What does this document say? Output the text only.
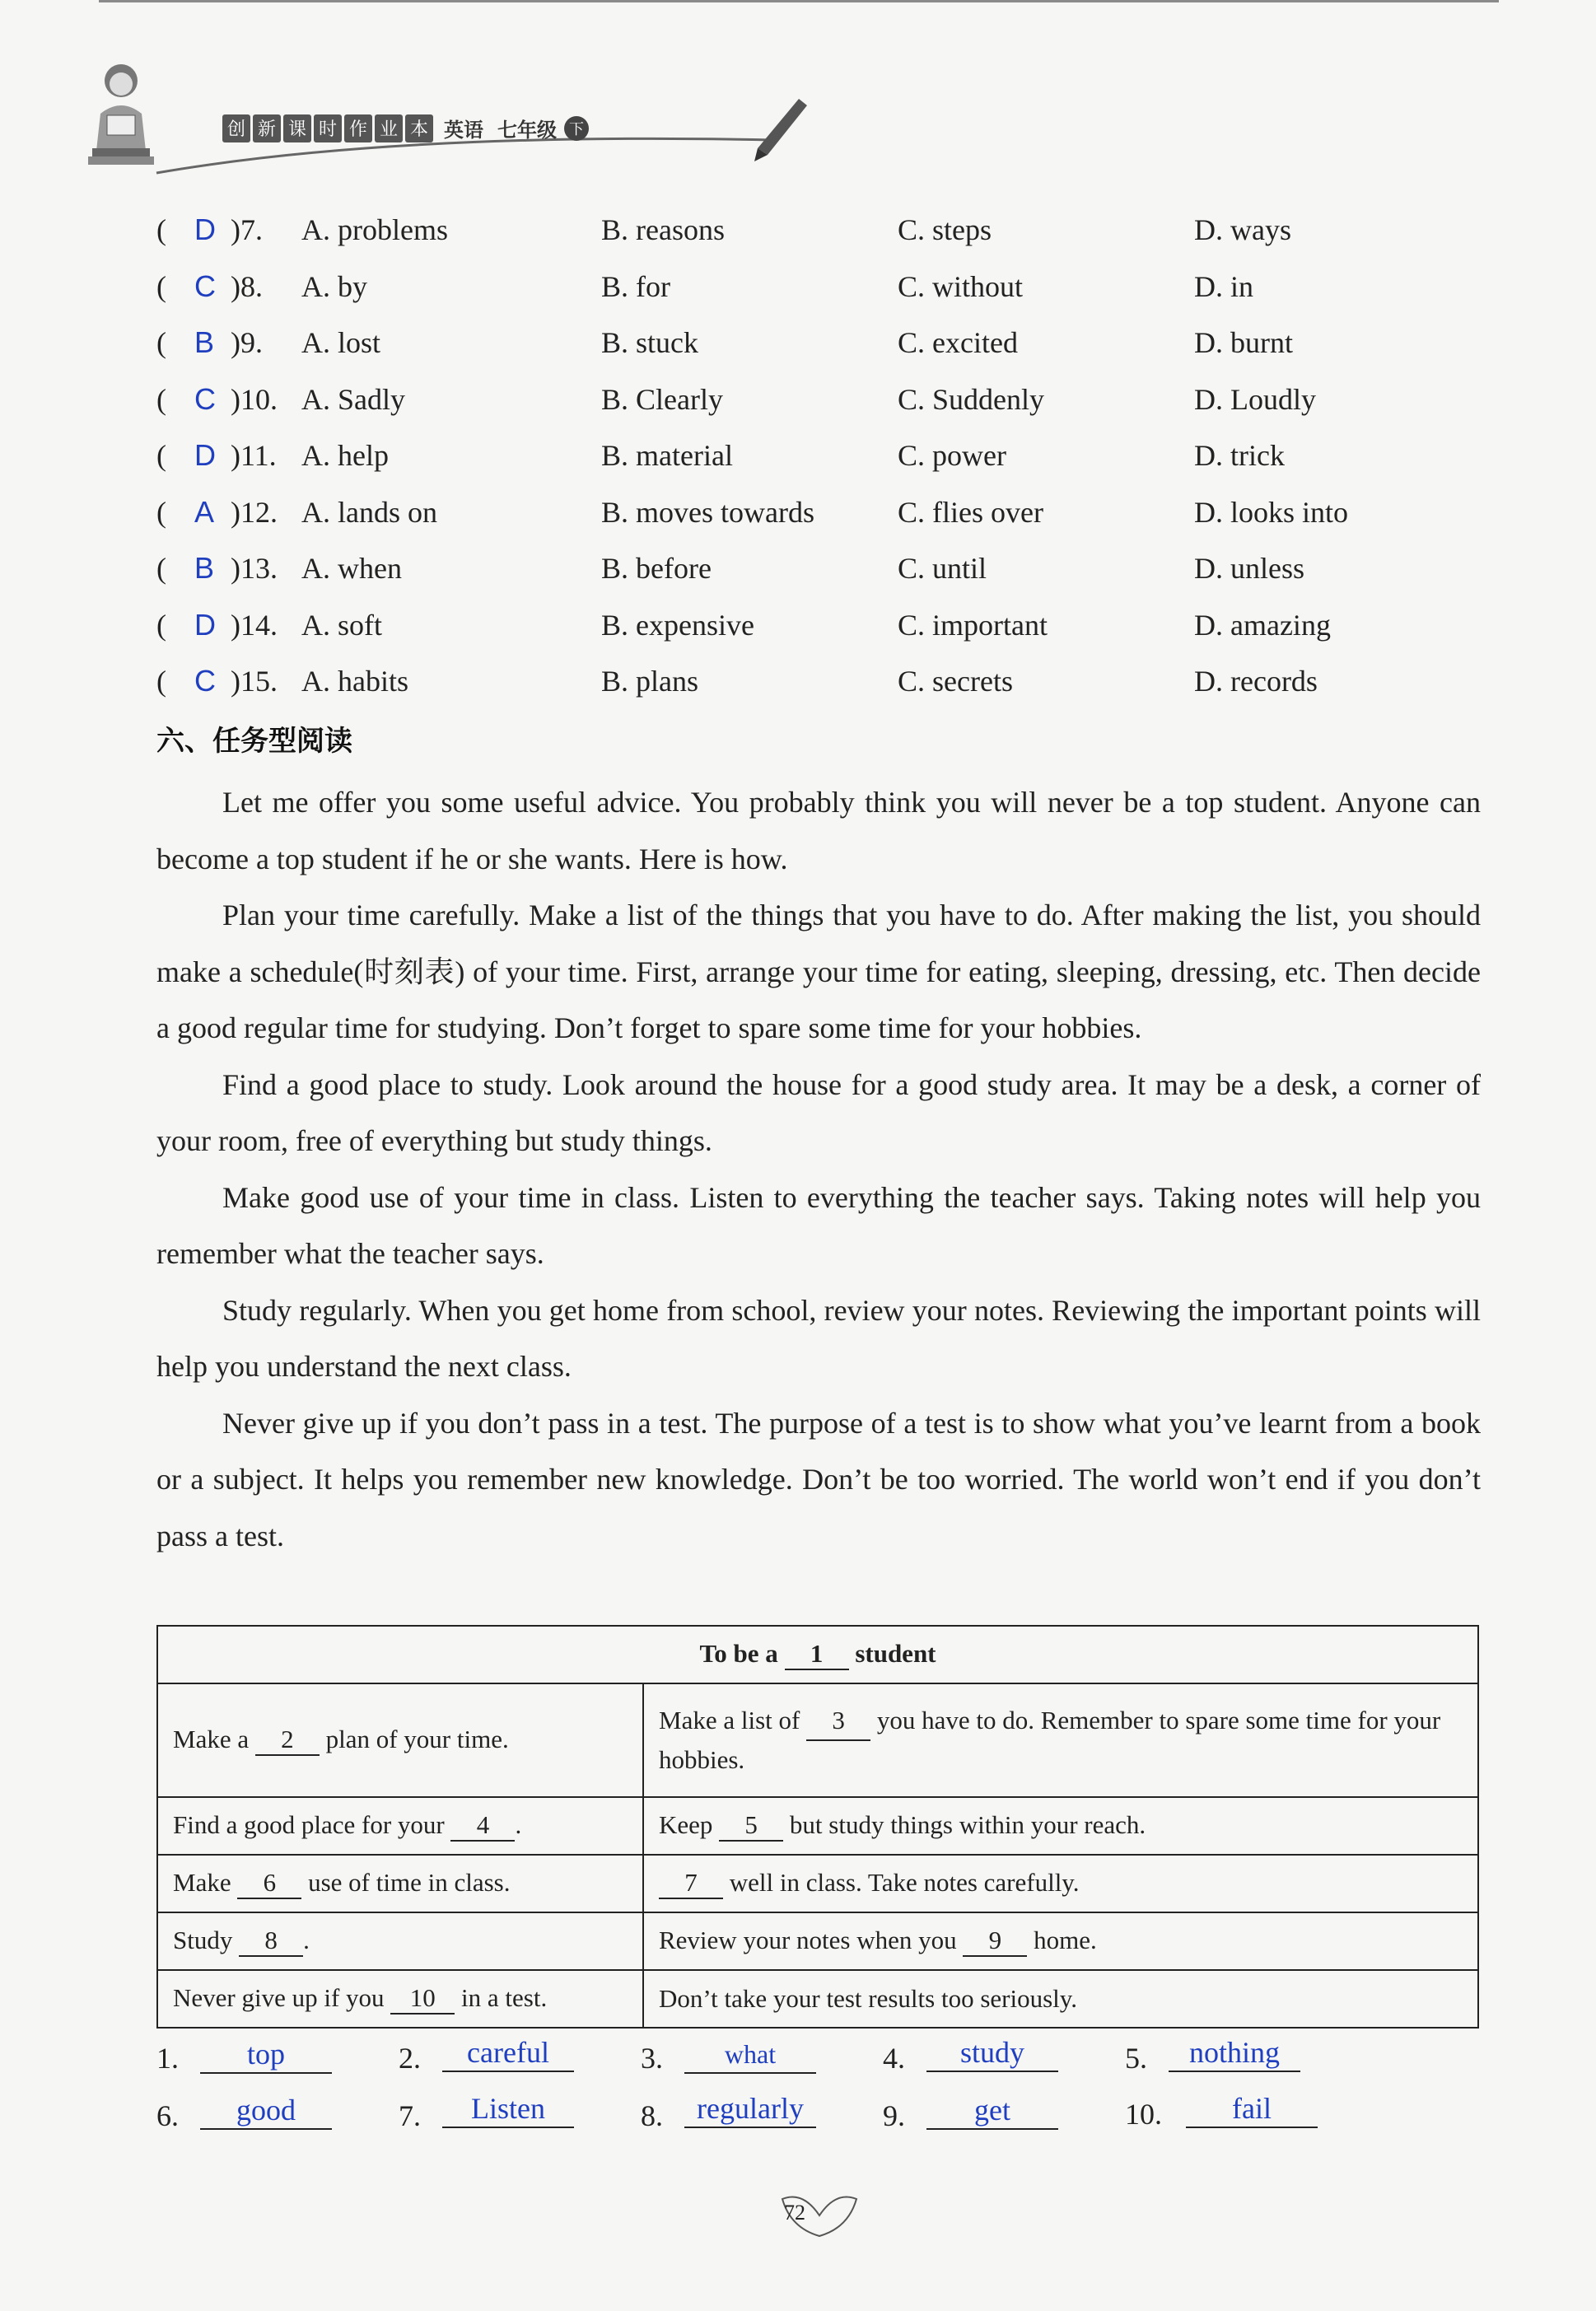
创 新 课 时 作 业 本 英语 七年级 下
( D )7. A. problems	B. reasons	C. steps	D. ways
( C )8. A. by	B. for	C. without	D. in
( B )9. A. lost	B. stuck	C. excited	D. burnt
( C )10. A. Sadly	B. Clearly	C. Suddenly	D. Loudly
( D )11. A. help	B. material	C. power	D. trick
( A )12. A. lands on	B. moves towards	C. flies over	D. looks into
( B )13. A. when	B. before	C. until	D. unless
( D )14. A. soft	B. expensive	C. important	D. amazing
( C )15. A. habits	B. plans	C. secrets	D. records
六、任务型阅读

Let me offer you some useful advice. You probably think you will never be a top student. Anyone can become a top student if he or she wants. Here is how.

Plan your time carefully. Make a list of the things that you have to do. After making the list, you should make a schedule(时刻表) of your time. First, arrange your time for eating, sleeping, dressing, etc. Then decide a good regular time for studying. Don’t forget to spare some time for your hobbies.

Find a good place to study. Look around the house for a good study area. It may be a desk, a corner of your room, free of everything but study things.

Make good use of your time in class. Listen to everything the teacher says. Taking notes will help you remember what the teacher says.

Study regularly. When you get home from school, review your notes. Reviewing the important points will help you understand the next class.

Never give up if you don’t pass in a test. The purpose of a test is to show what you’ve learnt from a book or a subject. It helps you remember new knowledge. Don’t be too worried. The world won’t end if you don’t pass a test.

To be a 1 student	
Make a 2 plan of your time.	Make a list of 3 you have to do. Remember to spare some time for your hobbies.
Find a good place for your 4 .	Keep 5 but study things within your reach.
Make 6 use of time in class.	7 well in class. Take notes carefully.
Study 8 .	Review your notes when you 9 home.
Never give up if you 10 in a test.	Don’t take your test results too seriously.
1.	top	2.	careful	3.	what	4.	study	5.	nothing
6.	good	7.	Listen	8.	regularly	9.	get	10.	fail
72
